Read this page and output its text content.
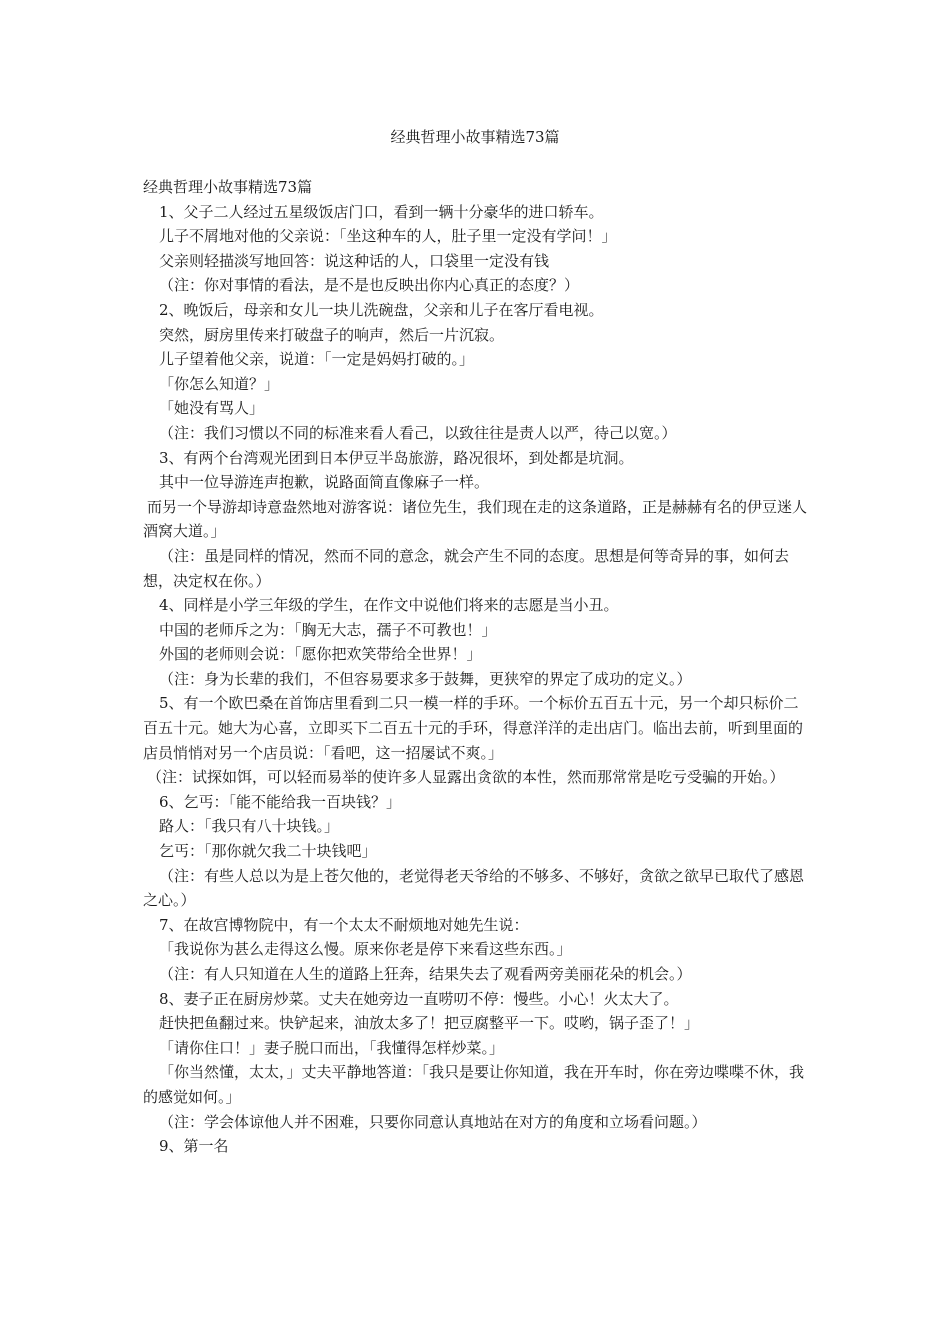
经典哲理小故事精选73篇

经典哲理小故事精选73篇

1、父子二人经过五星级饭店门口，看到一辆十分豪华的进口轿车。

儿子不屑地对他的父亲说：「坐这种车的人，肚子里一定没有学问！」

父亲则轻描淡写地回答：说这种话的人，口袋里一定没有钱

（注：你对事情的看法，是不是也反映出你内心真正的态度？）

2、晚饭后，母亲和女儿一块儿洗碗盘，父亲和儿子在客厅看电视。

突然，厨房里传来打破盘子的响声，然后一片沉寂。

儿子望着他父亲，说道：「一定是妈妈打破的。」

「你怎么知道？」

「她没有骂人」

（注：我们习惯以不同的标准来看人看己，以致往往是责人以严，待己以宽。）

3、有两个台湾观光团到日本伊豆半岛旅游，路况很坏，到处都是坑洞。

其中一位导游连声抱歉，说路面简直像麻子一样。

而另一个导游却诗意盎然地对游客说：诸位先生，我们现在走的这条道路，正是赫赫有名的伊豆迷人酒窝大道。」

（注：虽是同样的情况，然而不同的意念，就会产生不同的态度。思想是何等奇异的事，如何去想，决定权在你。）

4、同样是小学三年级的学生，在作文中说他们将来的志愿是当小丑。

中国的老师斥之为：「胸无大志，孺子不可教也！」

外国的老师则会说：「愿你把欢笑带给全世界！」

（注：身为长辈的我们，不但容易要求多于鼓舞，更狭窄的界定了成功的定义。）

5、有一个欧巴桑在首饰店里看到二只一模一样的手环。一个标价五百五十元，另一个却只标价二百五十元。她大为心喜，立即买下二百五十元的手环，得意洋洋的走出店门。临出去前，听到里面的店员悄悄对另一个店员说：「看吧，这一招屡试不爽。」

（注：试探如饵，可以轻而易举的使许多人显露出贪欲的本性，然而那常常是吃亏受骗的开始。）

6、乞丐：「能不能给我一百块钱？」

路人：「我只有八十块钱。」

乞丐：「那你就欠我二十块钱吧」

（注：有些人总以为是上苍欠他的，老觉得老天爷给的不够多、不够好，贪欲之欲早已取代了感恩之心。）

7、在故宫博物院中，有一个太太不耐烦地对她先生说：

「我说你为甚么走得这么慢。原来你老是停下来看这些东西。」

（注：有人只知道在人生的道路上狂奔，结果失去了观看两旁美丽花朵的机会。）

8、妻子正在厨房炒菜。丈夫在她旁边一直唠叨不停：慢些。小心！火太大了。

赶快把鱼翻过来。快铲起来，油放太多了！把豆腐整平一下。哎哟，锅子歪了！」

「请你住口！」妻子脱口而出，「我懂得怎样炒菜。」

「你当然懂，太太，」丈夫平静地答道：「我只是要让你知道，我在开车时，你在旁边喋喋不休，我的感觉如何。」

（注：学会体谅他人并不困难，只要你同意认真地站在对方的角度和立场看问题。）

9、第一名
